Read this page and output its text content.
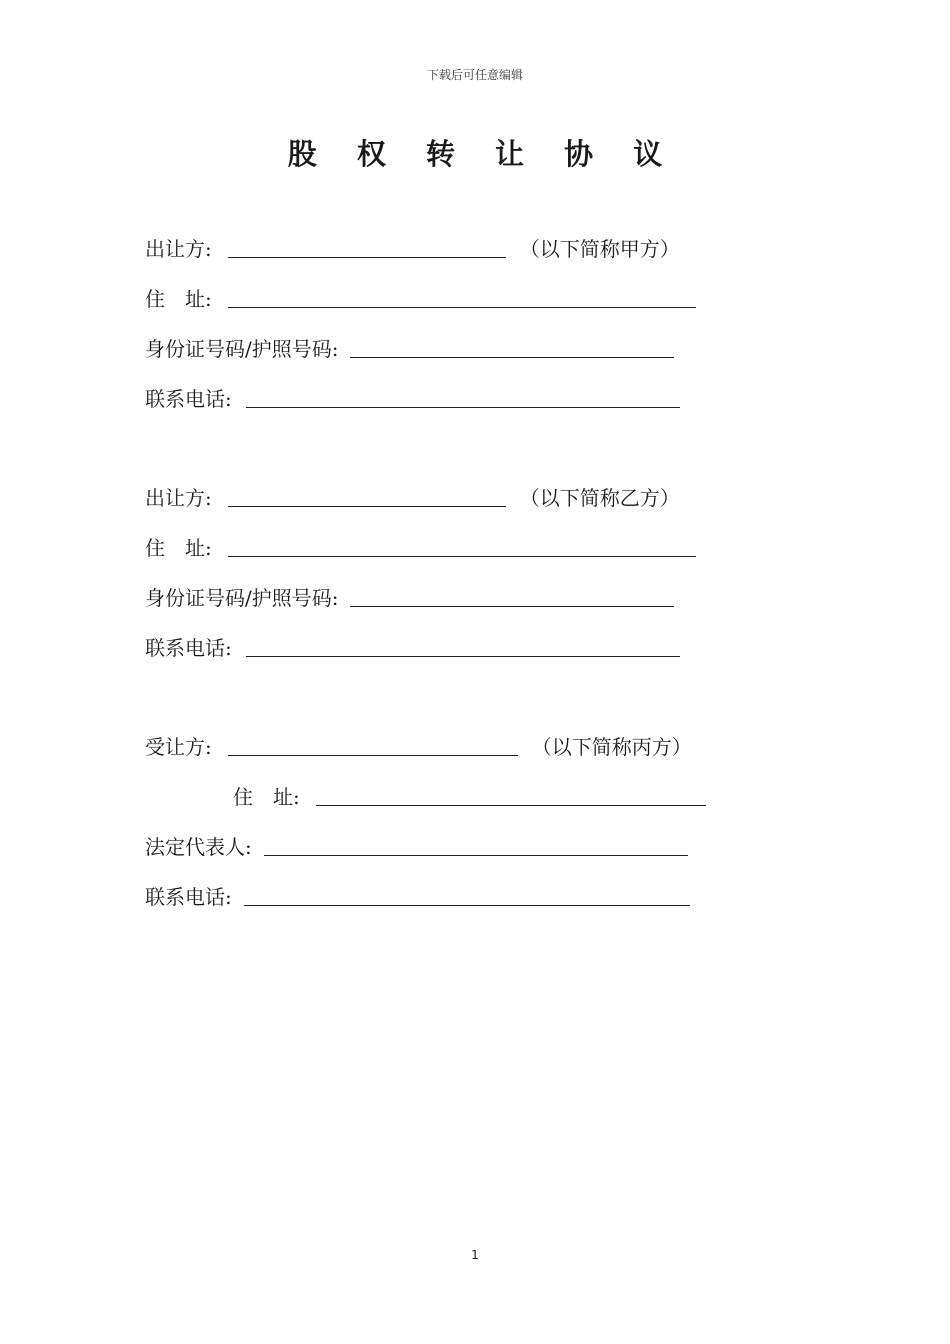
下载后可任意编辑
股 权 转 让 协 议
出让方:	（以下简称甲方）
住　址:
身份证号码/护照号码:
联系电话:
出让方:	（以下简称乙方）
住　址:
身份证号码/护照号码:
联系电话:
受让方:	（以下简称丙方）
住　址:
法定代表人:
联系电话:
1
